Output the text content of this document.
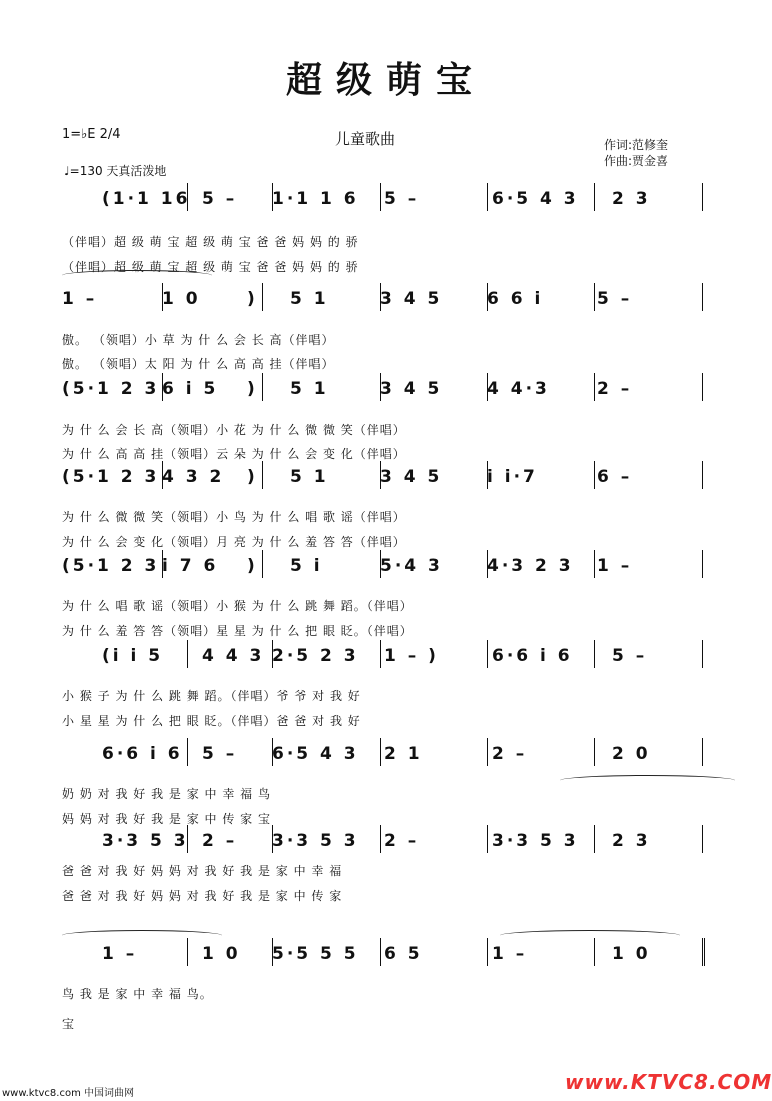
超级萌宝
儿童歌曲	作词:范修奎
作曲:贾金喜
1=♭E 2/4
♩=130 天真活泼地
(1·1 16 5 – 1·1 1 6 5 –	6·5 4 3 2 3
（伴唱）超 级 萌 宝 超 级 萌 宝 爸 爸 妈 妈 的 骄
（伴唱）超 级 萌 宝 超 级 萌 宝 爸 爸 妈 妈 的 骄
1 –	1 0	) 5 1	3 4 5	6 6 i	5 –
傲。 （领唱）小 草 为 什 么 会 长 高（伴唱）
傲。 （领唱）太 阳 为 什 么 高 高 挂（伴唱）
(5·1 2 3 6 i 5 ) 5 1	3 4 5	4 4·3	2 –
为 什 么 会 长 高（领唱）小 花 为 什 么 微 微 笑（伴唱）
为 什 么 高 高 挂（领唱）云 朵 为 什 么 会 变 化（伴唱）
(5·1 2 3 4 3 2 ) 5 1	3 4 5	i i·7	6 –
为 什 么 微 微 笑（领唱）小 鸟 为 什 么 唱 歌 谣（伴唱）
为 什 么 会 变 化（领唱）月 亮 为 什 么 羞 答 答（伴唱）
(5·1 2 3 i 7 6 ) 5 i	5·4 3	4·3 2 3 1 –
为 什 么 唱 歌 谣（领唱）小 猴 为 什 么 跳 舞 蹈。（伴唱）
为 什 么 羞 答 答（领唱）星 星 为 什 么 把 眼 眨。（伴唱）
(i i 5 4 4 3 2·5 2 3 1 – )	6·6 i 6 5 –
小 猴 子 为 什 么 跳 舞 蹈。（伴唱）爷 爷 对 我 好
小 星 星 为 什 么 把 眼 眨。（伴唱）爸 爸 对 我 好
6·6 i 6 5 – 6·5 4 3 2 1	2 –	2 0
奶 奶 对 我 好 我 是 家 中 幸 福 鸟
妈 妈 对 我 好 我 是 家 中 传 家 宝
3·3 5 3 2 – 3·3 5 3 2 –	3·3 5 3 2 3
爸 爸 对 我 好 妈 妈 对 我 好 我 是 家 中 幸 福
爸 爸 对 我 好 妈 妈 对 我 好 我 是 家 中 传 家
1 –	1 0 5·5 5 5 6 5	1 –	1 0
鸟 我 是 家 中 幸 福 鸟。
宝
www.ktvc8.com 中国词曲网	www.KTVC8.COM
